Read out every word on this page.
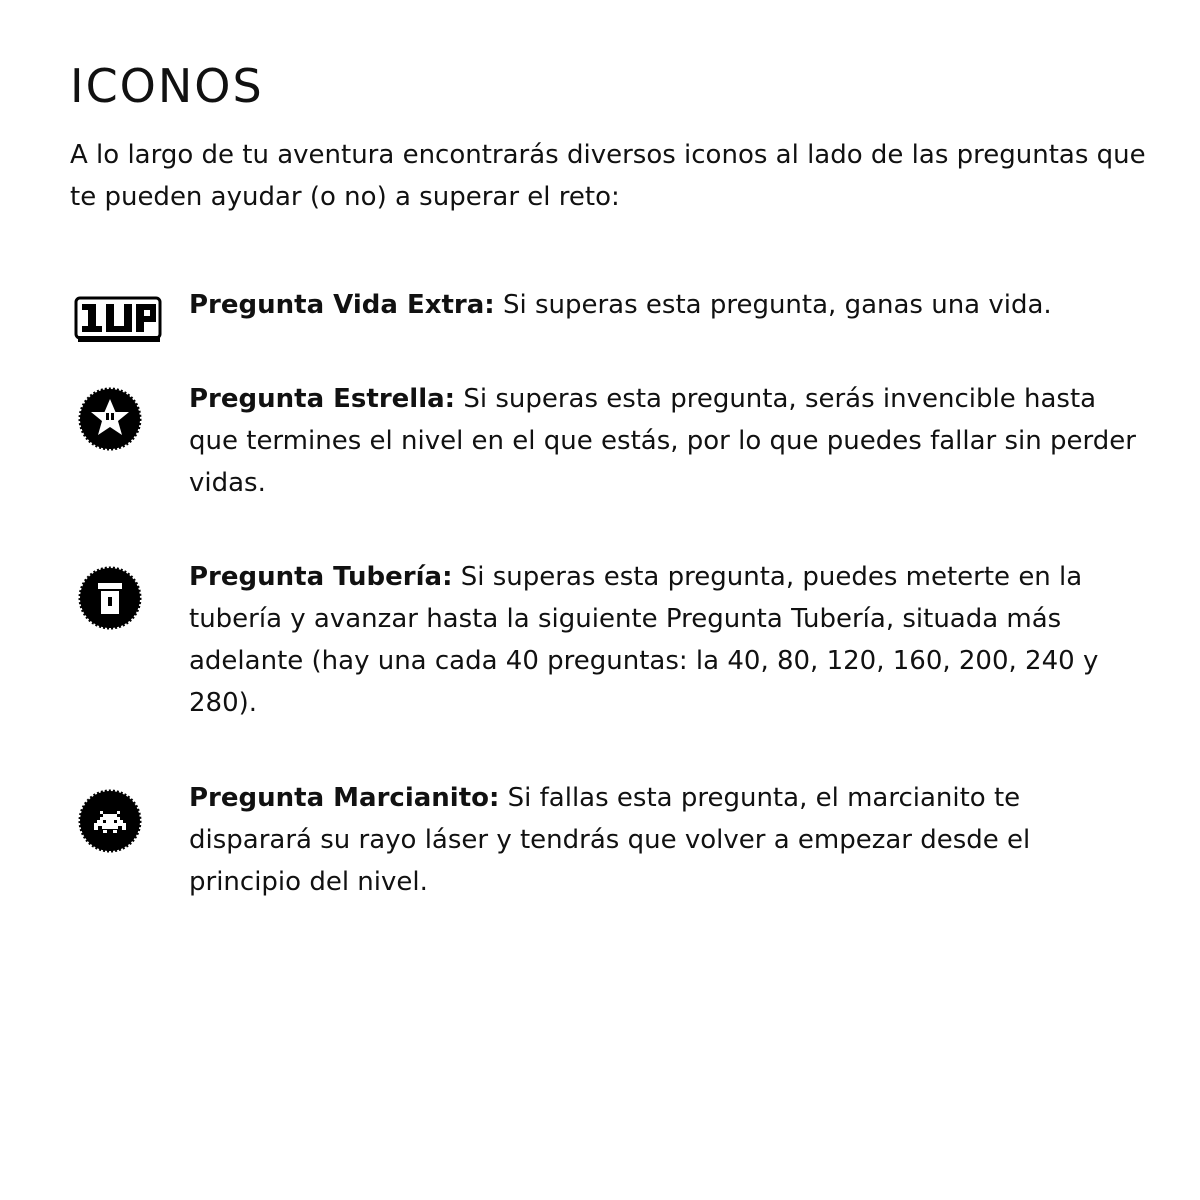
ICONOS

A lo largo de tu aventura encontrarás diversos iconos al lado de las preguntas que te pueden ayudar (o no) a superar el reto:

Pregunta Vida Extra: Si superas esta pregunta, ganas una vida.

Pregunta Estrella: Si superas esta pregunta, serás invencible hasta que termines el nivel en el que estás, por lo que puedes fallar sin perder vidas.

Pregunta Tubería: Si superas esta pregunta, puedes meterte en la tubería y avanzar hasta la siguiente Pregunta Tubería, situada más adelante (hay una cada 40 preguntas: la 40, 80, 120, 160, 200, 240 y 280).

Pregunta Marcianito: Si fallas esta pregunta, el marcianito te disparará su rayo láser y tendrás que volver a empezar desde el principio del nivel.
